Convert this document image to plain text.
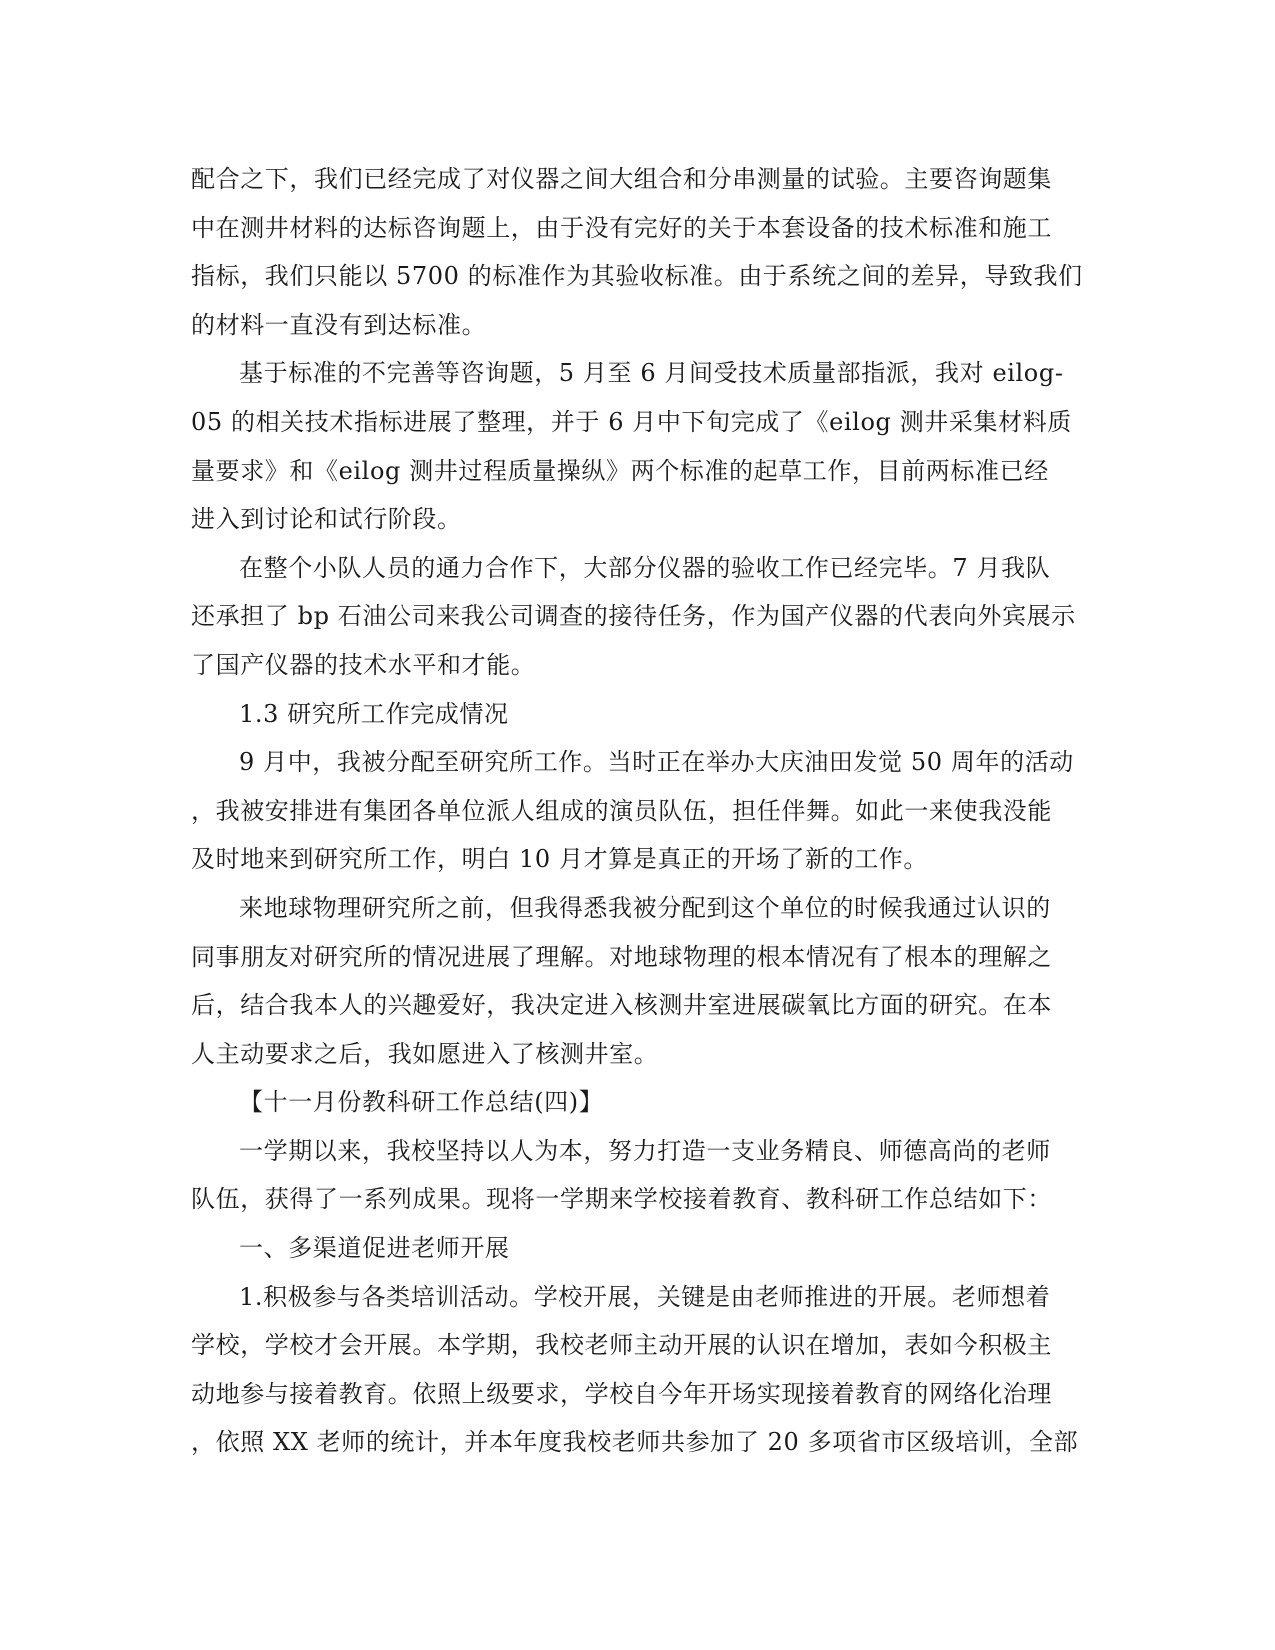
配合之下，我们已经完成了对仪器之间大组合和分串测量的试验。主要咨询题集
中在测井材料的达标咨询题上，由于没有完好的关于本套设备的技术标准和施工
指标，我们只能以 5700 的标准作为其验收标准。由于系统之间的差异，导致我们
的材料一直没有到达标准。
基于标准的不完善等咨询题，5 月至 6 月间受技术质量部指派，我对 eilog-
05 的相关技术指标进展了整理，并于 6 月中下旬完成了《eilog 测井采集材料质
量要求》和《eilog 测井过程质量操纵》两个标准的起草工作，目前两标准已经
进入到讨论和试行阶段。
在整个小队人员的通力合作下，大部分仪器的验收工作已经完毕。7 月我队
还承担了 bp 石油公司来我公司调查的接待任务，作为国产仪器的代表向外宾展示
了国产仪器的技术水平和才能。
1.3 研究所工作完成情况
9 月中，我被分配至研究所工作。当时正在举办大庆油田发觉 50 周年的活动
，我被安排进有集团各单位派人组成的演员队伍，担任伴舞。如此一来使我没能
及时地来到研究所工作，明白 10 月才算是真正的开场了新的工作。
来地球物理研究所之前，但我得悉我被分配到这个单位的时候我通过认识的
同事朋友对研究所的情况进展了理解。对地球物理的根本情况有了根本的理解之
后，结合我本人的兴趣爱好，我决定进入核测井室进展碳氧比方面的研究。在本
人主动要求之后，我如愿进入了核测井室。
【十一月份教科研工作总结(四)】
一学期以来，我校坚持以人为本，努力打造一支业务精良、师德高尚的老师
队伍，获得了一系列成果。现将一学期来学校接着教育、教科研工作总结如下：
一、多渠道促进老师开展
1.积极参与各类培训活动。学校开展，关键是由老师推进的开展。老师想着
学校，学校才会开展。本学期，我校老师主动开展的认识在增加，表如今积极主
动地参与接着教育。依照上级要求，学校自今年开场实现接着教育的网络化治理
，依照 XX 老师的统计，并本年度我校老师共参加了 20 多项省市区级培训，全部
